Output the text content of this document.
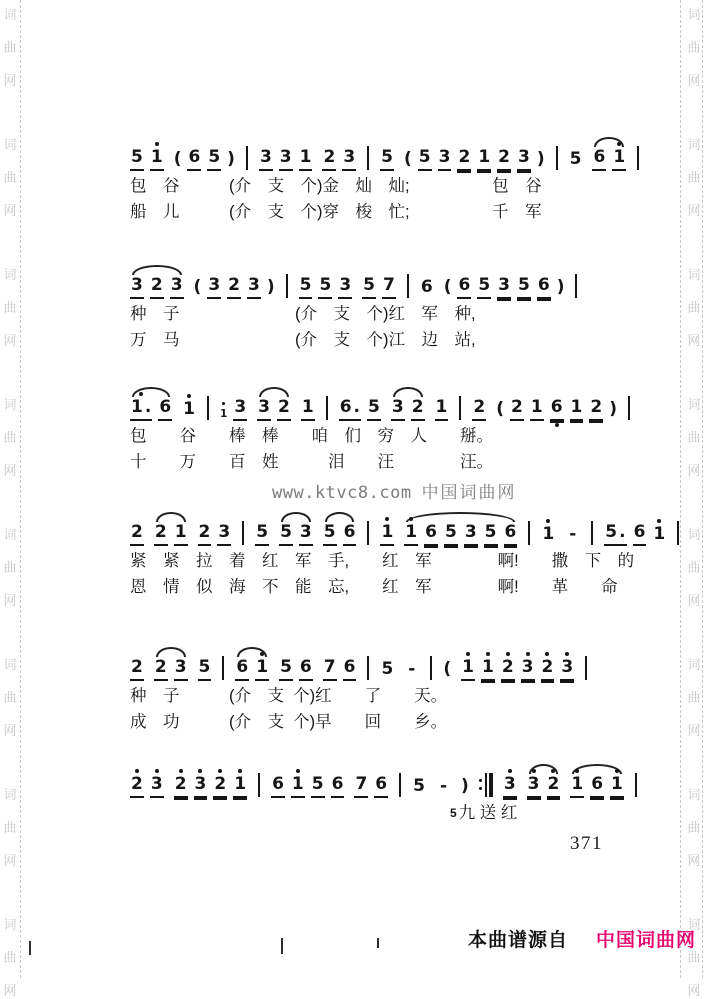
词
曲
网
词
曲
网
词
曲
网
词
曲
网
词
曲
网
词
曲
网
词
曲
网
词
曲
网
词
曲
网
词
曲
网
词
曲
网
词
曲
网
词
曲
网
词
曲
网
词
曲
网
词
曲
网
www.ktvc8.com 中国词曲网
5 1 ( 6 5 ) 3 3 1 2 3 5 ( 5 3 2 1 2 3 ) 5 6 1
包　谷　　　(介　支　个)金　灿　灿;　　　　　包　谷
船　儿　　　(介　支　个)穿　梭　忙;　　　　　千　军
3 2 3 ( 3 2 3 ) 5 5 3 5 7 6 ( 6 5 3 5 6 )
种　子　　　　　　　(介　支　个)红　军　种,
万　马　　　　　　　(介　支　个)江　边　站,
1 . 6 1 1 3 3 2 1 6 . 5 3 2 1 2 ( 2 1 6 1 2 )
包　　谷　　棒　棒　　咱　们　穷　人　　掰。
十　　万　　百　姓　　　泪　　汪　　　　汪。
2 2 1 2 3 5 5 3 5 6 1 1 6 5 3 5 6 1 - 5 . 6 1
紧　紧　拉　着　红　军　手,　　红　军　　　　啊!　　撒　下　的
恩　情　似　海　不　能　忘,　　红　军　　　　啊!　　革　　命
2 2 3 5 6 1 5 6 7 6 5 - ( 1 1 2 3 2 3
种　子　　　(介　支  个)红　　了　　天。
成　功　　　(介　支  个)早　　回　　乡。
2 3 2 3 2 1 6 1 5 6 7 6 5 - ) 3 3 2 1 6 1
5 九 送 红
371
本曲谱源自 中国词曲网
